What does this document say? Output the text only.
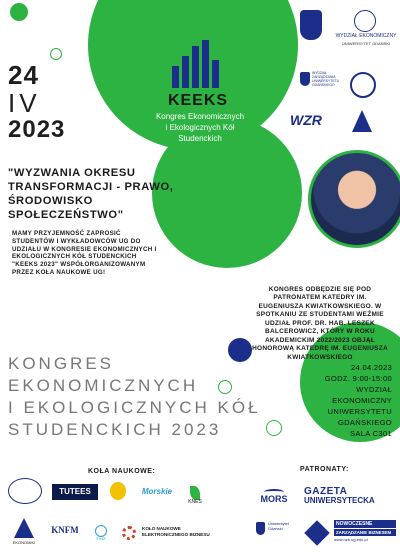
24
IV
2023
KEEKS
Kongres Ekonomicznych
i Ekologicznych Kół
Studenckich
WYDZIAŁ EKONOMICZNY
UNIWERSYTET GDAŃSKI
WYDZIAŁ ZARZĄDZANIA UNIWERSYTETU GDAŃSKIEGO
WZR
"WYZWANIA OKRESU TRANSFORMACJI - PRAWO, ŚRODOWISKO SPOŁECZEŃSTWO"
MAMY PRZYJEMNOŚĆ ZAPROSIĆ STUDENTÓW I WYKŁADOWCÓW UG DO UDZIAŁU W KONGRESIE EKONOMICZNYCH I EKOLOGICZNYCH KÓŁ STUDENCKICH "KEEKS 2023" WSPÓŁORGANIZOWANYM PRZEZ KOŁA NAUKOWE UG!
KONGRES ODBĘDZIE SIĘ POD PATRONATEM KATEDRY IM. EUGENIUSZA KWIATKOWSKIEGO. W SPOTKANIU ZE STUDENTAMI WEŹMIE UDZIAŁ PROF. DR. HAB. LESZEK BALCEROWICZ, KTÓRY W ROKU AKADEMICKIM 2022/2023 OBJĄŁ HONOROWĄ KATEDRĘ IM. EUGENIUSZA KWIATKOWSKIEGO
KONGRES
EKONOMICZNYCH
I EKOLOGICZNYCH KÓŁ
STUDENCKICH 2023
24.04.2023
GODZ. 9:00-15:00
WYDZIAŁ
EKONOMICZNY
UNIWERSYTETU
GDAŃSKIEGO
SALA C301
KOŁA NAUKOWE:	PATRONATY:
TUTEES	Morskie
KNES
EKONOMIKI
KNFM
FINZ
KOŁO NAUKOWE
ELEKTRONICZNEGO BIZNESU
MORS
GAZETA
UNIWERSYTECKA
Uniwersytet Gdański
NOWOCZESNE
ZARZĄDZANIE BIZNESEM
www.nzb.ug.edu.pl
